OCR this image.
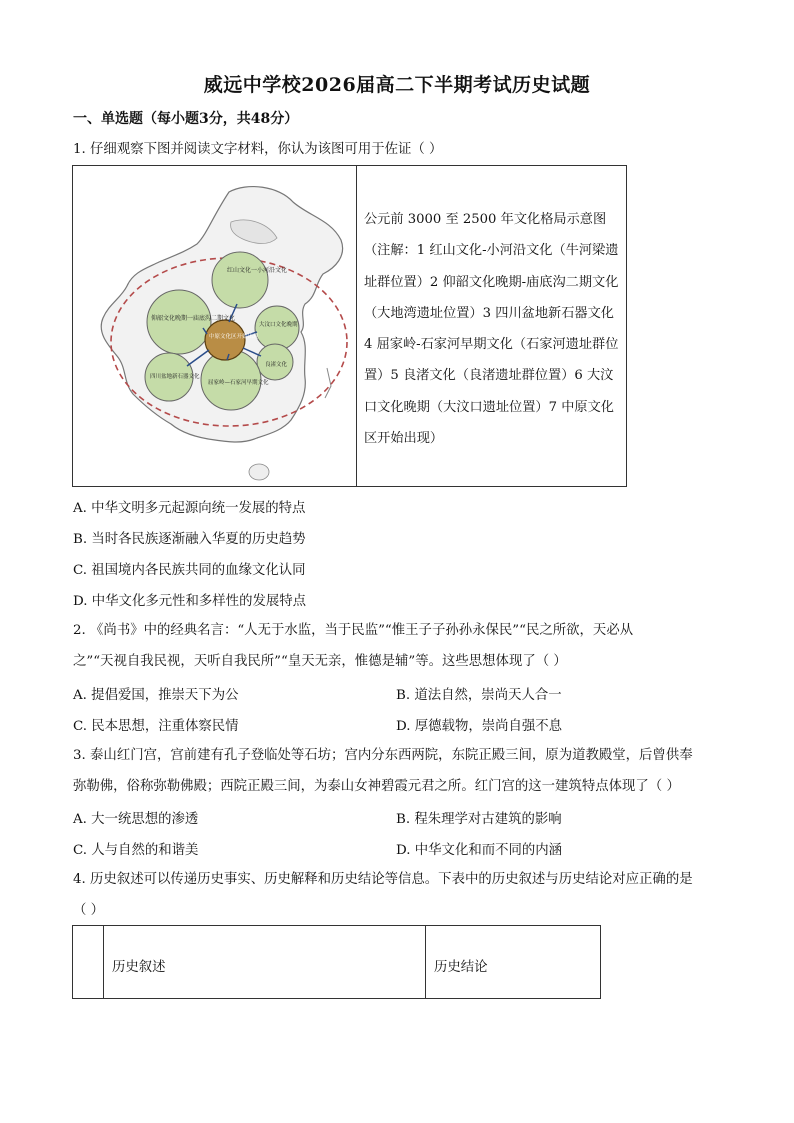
威远中学校2026届高二下半期考试历史试题
一、单选题（每小题3分，共48分）
1. 仔细观察下图并阅读文字材料，你认为该图可用于佐证（ ）
红山文化一小河沿文化
仰韶文化晚期一庙底沟二期文化
大汶口文化晚期
中原文化区开始出现
四川盆地新石器文化
屈家岭—石家河早期文化
良渚文化
公元前 3000 至 2500 年文化格局示意图（注解：1 红山文化-小河沿文化（牛河梁遗址群位置）2 仰韶文化晚期-庙底沟二期文化（大地湾遗址位置）3 四川盆地新石器文化 4 屈家岭-石家河早期文化（石家河遗址群位置）5 良渚文化（良渚遗址群位置）6 大汶口文化晚期（大汶口遗址位置）7 中原文化区开始出现）
A. 中华文明多元起源向统一发展的特点
B. 当时各民族逐渐融入华夏的历史趋势
C. 祖国境内各民族共同的血缘文化认同
D. 中华文化多元性和多样性的发展特点
2. 《尚书》中的经典名言：“人无于水监，当于民监”“惟王子子孙孙永保民”“民之所欲，天必从
之”“天视自我民视，天听自我民所”“皇天无亲，惟德是辅”等。这些思想体现了（ ）
A. 提倡爱国，推崇天下为公	B. 道法自然，崇尚天人合一
C. 民本思想，注重体察民情	D. 厚德载物，崇尚自强不息
3. 泰山红门宫，宫前建有孔子登临处等石坊；宫内分东西两院，东院正殿三间，原为道教殿堂，后曾供奉
弥勒佛，俗称弥勒佛殿；西院正殿三间，为泰山女神碧霞元君之所。红门宫的这一建筑特点体现了（ ）
A. 大一统思想的渗透	B. 程朱理学对古建筑的影响
C. 人与自然的和谐美	D. 中华文化和而不同的内涵
4. 历史叙述可以传递历史事实、历史解释和历史结论等信息。下表中的历史叙述与历史结论对应正确的是
（ ）
历史叙述	历史结论
